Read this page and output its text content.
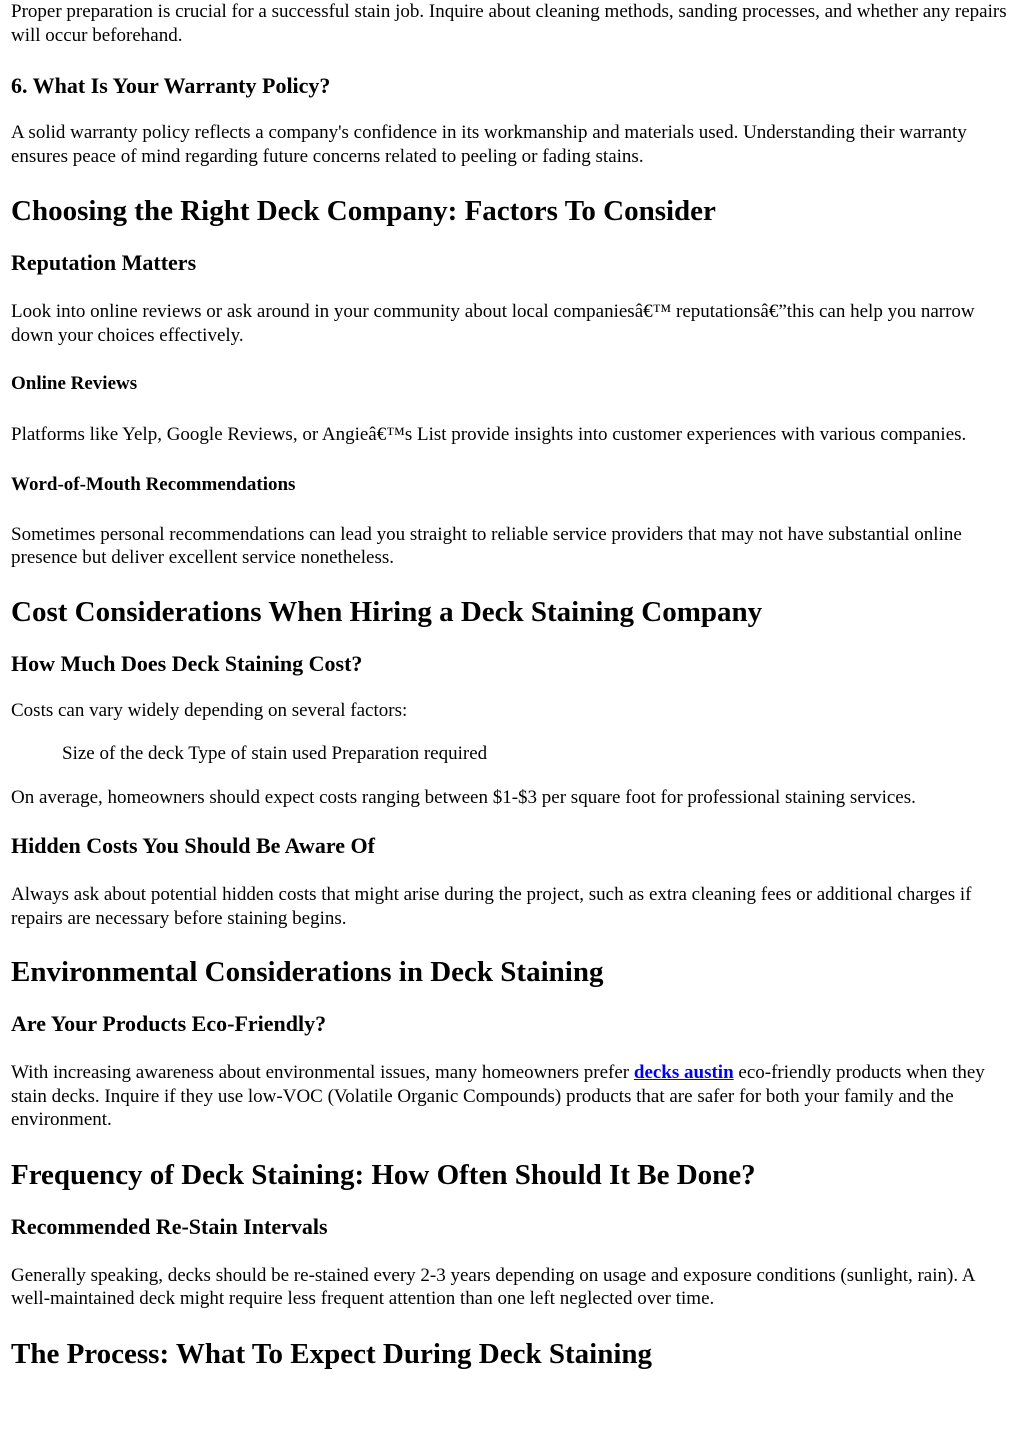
Proper preparation is crucial for a successful stain job. Inquire about cleaning methods, sanding processes, and whether any repairs will occur beforehand.

6. What Is Your Warranty Policy?

A solid warranty policy reflects a company's confidence in its workmanship and materials used. Understanding their warranty ensures peace of mind regarding future concerns related to peeling or fading stains.

Choosing the Right Deck Company: Factors To Consider
Reputation Matters

Look into online reviews or ask around in your community about local companiesâ€™ reputationsâ€”this can help you narrow down your choices effectively.

Online Reviews

Platforms like Yelp, Google Reviews, or Angieâ€™s List provide insights into customer experiences with various companies.

Word-of-Mouth Recommendations

Sometimes personal recommendations can lead you straight to reliable service providers that may not have substantial online presence but deliver excellent service nonetheless.

Cost Considerations When Hiring a Deck Staining Company
How Much Does Deck Staining Cost?

Costs can vary widely depending on several factors:

Size of the deck Type of stain used Preparation required

On average, homeowners should expect costs ranging between $1-$3 per square foot for professional staining services.

Hidden Costs You Should Be Aware Of

Always ask about potential hidden costs that might arise during the project, such as extra cleaning fees or additional charges if repairs are necessary before staining begins.

Environmental Considerations in Deck Staining
Are Your Products Eco-Friendly?

With increasing awareness about environmental issues, many homeowners prefer decks austin eco-friendly products when they stain decks. Inquire if they use low-VOC (Volatile Organic Compounds) products that are safer for both your family and the environment.

Frequency of Deck Staining: How Often Should It Be Done?
Recommended Re-Stain Intervals

Generally speaking, decks should be re-stained every 2-3 years depending on usage and exposure conditions (sunlight, rain). A well-maintained deck might require less frequent attention than one left neglected over time.

The Process: What To Expect During Deck Staining
